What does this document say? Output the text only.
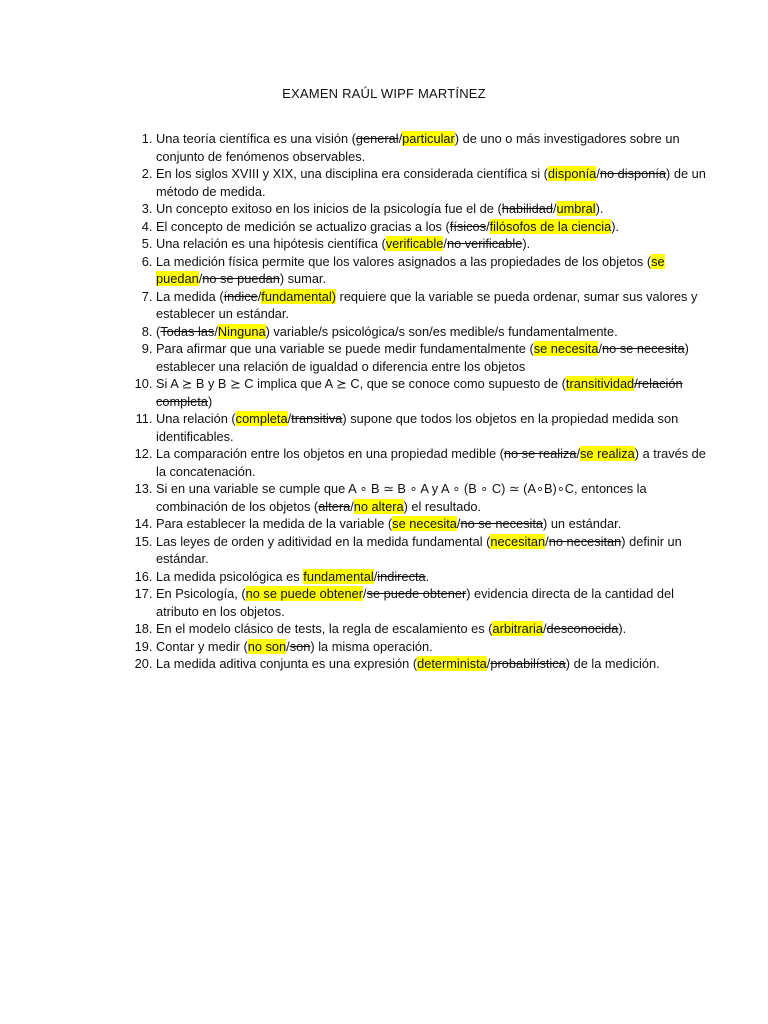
EXAMEN RAÚL WIPF MARTÍNEZ
1. Una teoría científica es una visión (general/particular) de uno o más investigadores sobre un conjunto de fenómenos observables.
2. En los siglos XVIII y XIX, una disciplina era considerada científica si (disponía/no disponía) de un método de medida.
3. Un concepto exitoso en los inicios de la psicología fue el de (habilidad/umbral).
4. El concepto de medición se actualizo gracias a los (físicos/filósofos de la ciencia).
5. Una relación es una hipótesis científica (verificable/no verificable).
6. La medición física permite que los valores asignados a las propiedades de los objetos (se puedan/no se puedan) sumar.
7. La medida (índice/fundamental) requiere que la variable se pueda ordenar, sumar sus valores y establecer un estándar.
8. (Todas las/Ninguna) variable/s psicológica/s son/es medible/s fundamentalmente.
9. Para afirmar que una variable se puede medir fundamentalmente (se necesita/no se necesita) establecer una relación de igualdad o diferencia entre los objetos
10. Si A ⪰ B y B ⪰ C implica que A ⪰ C, que se conoce como supuesto de (transitividad/relación completa)
11. Una relación (completa/transitiva) supone que todos los objetos en la propiedad medida son identificables.
12. La comparación entre los objetos en una propiedad medible (no se realiza/se realiza) a través de la concatenación.
13. Si en una variable se cumple que A ∘ B ≃ B ∘ A y A ∘ (B ∘ C) ≃ (A∘B)∘C, entonces la combinación de los objetos (altera/no altera) el resultado.
14. Para establecer la medida de la variable (se necesita/no se necesita) un estándar.
15. Las leyes de orden y aditividad en la medida fundamental (necesitan/no necesitan) definir un estándar.
16. La medida psicológica es fundamental/indirecta.
17. En Psicología, (no se puede obtener/se puede obtener) evidencia directa de la cantidad del atributo en los objetos.
18. En el modelo clásico de tests, la regla de escalamiento es (arbitraria/desconocida).
19. Contar y medir (no son/son) la misma operación.
20. La medida aditiva conjunta es una expresión (determinista/probabilística) de la medición.
